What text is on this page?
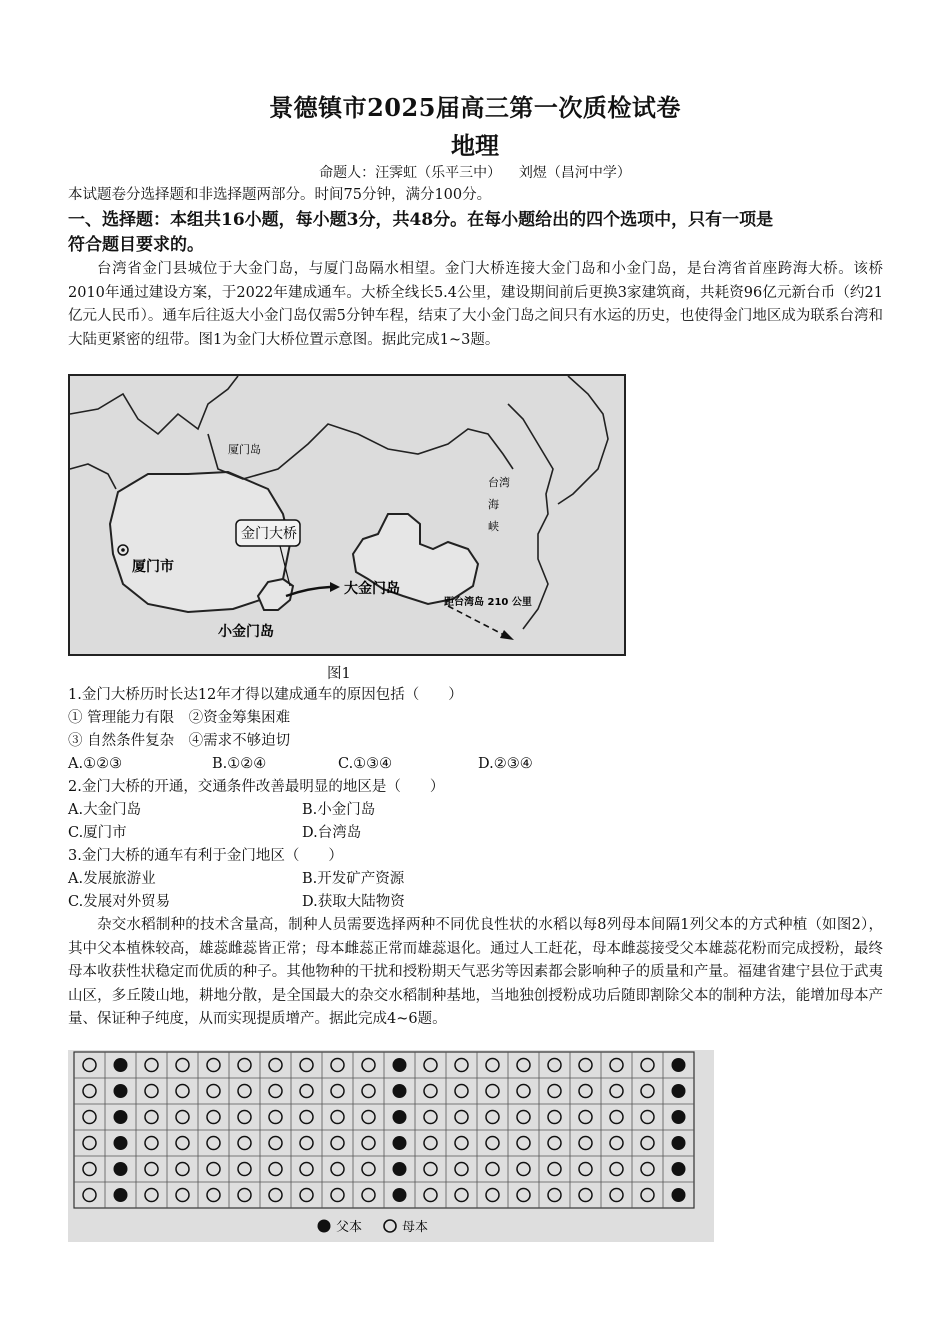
景德镇市2025届高三第一次质检试卷
地理
命题人：汪霁虹（乐平三中）    刘煜（昌河中学）
本试题卷分选择题和非选择题两部分。时间75分钟，满分100分。
一、选择题：本组共16小题，每小题3分，共48分。在每小题给出的四个选项中，只有一项是
符合题目要求的。
台湾省金门县城位于大金门岛，与厦门岛隔水相望。金门大桥连接大金门岛和小金门岛，是台湾省首座跨海大桥。该桥2010年通过建设方案，于2022年建成通车。大桥全线长5.4公里，建设期间前后更换3家建筑商，共耗资96亿元新台币（约21亿元人民币）。通车后往返大小金门岛仅需5分钟车程，结束了大小金门岛之间只有水运的历史，也使得金门地区成为联系台湾和大陆更紧密的纽带。图1为金门大桥位置示意图。据此完成1~3题。
厦门岛
厦门市
金门大桥
大金门岛
小金门岛
台湾
海
峡
距台湾岛 210 公里
图1
1.金门大桥历时长达12年才得以建成通车的原因包括（　　）
① 管理能力有限　②资金筹集困难
③ 自然条件复杂　④需求不够迫切
A.①②③	B.①②④	C.①③④	D.②③④
2.金门大桥的开通，交通条件改善最明显的地区是（　　）
A.大金门岛	B.小金门岛
C.厦门市	D.台湾岛
3.金门大桥的通车有利于金门地区（　　）
A.发展旅游业	B.开发矿产资源
C.发展对外贸易	D.获取大陆物资
杂交水稻制种的技术含量高，制种人员需要选择两种不同优良性状的水稻以每8列母本间隔1列父本的方式种植（如图2），其中父本植株较高，雄蕊雌蕊皆正常；母本雌蕊正常而雄蕊退化。通过人工赶花，母本雌蕊接受父本雄蕊花粉而完成授粉，最终母本收获性状稳定而优质的种子。其他物种的干扰和授粉期天气恶劣等因素都会影响种子的质量和产量。福建省建宁县位于武夷山区，多丘陵山地，耕地分散，是全国最大的杂交水稻制种基地，当地独创授粉成功后随即割除父本的制种方法，能增加母本产量、保证种子纯度，从而实现提质增产。据此完成4~6题。
父本	母本
